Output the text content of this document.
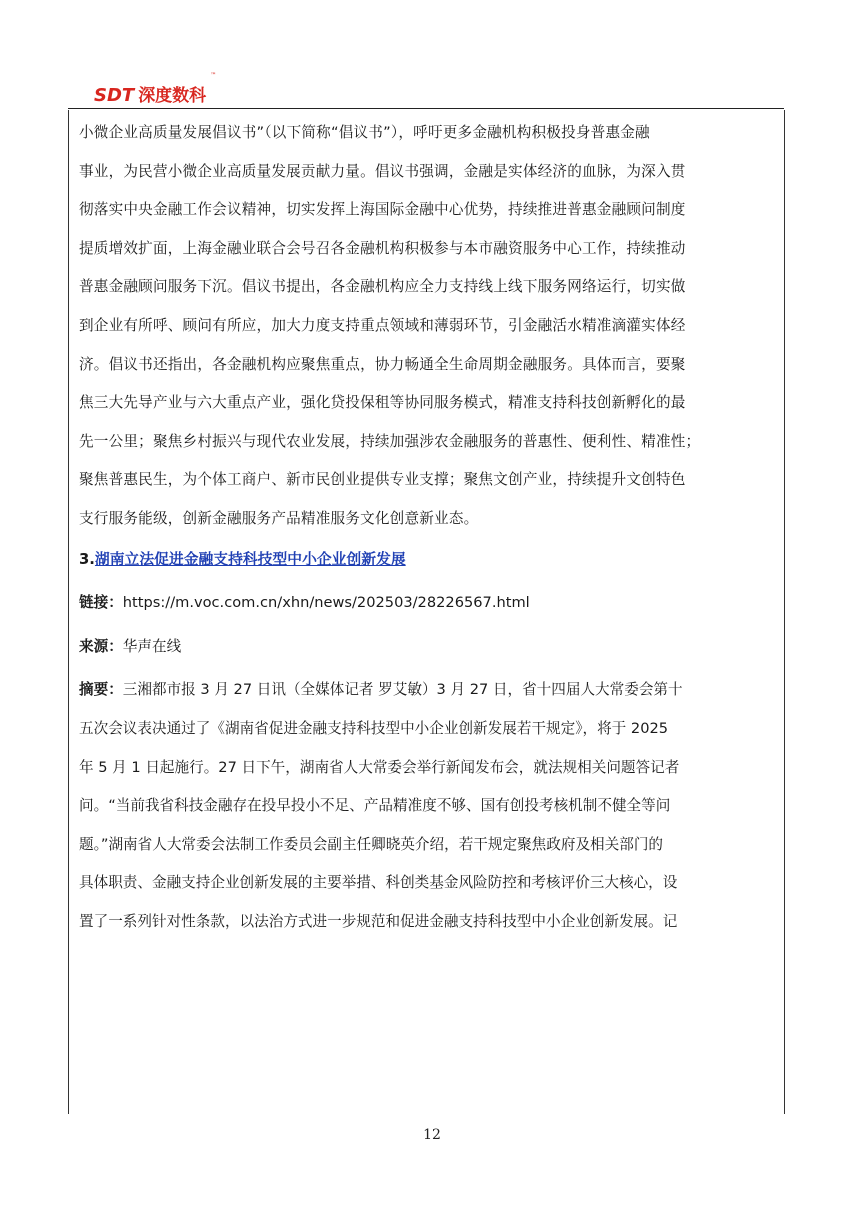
SDT 深度数科
™

小微企业高质量发展倡议书”（以下简称“倡议书”），呼吁更多金融机构积极投身普惠金融

事业，为民营小微企业高质量发展贡献力量。倡议书强调，金融是实体经济的血脉，为深入贯

彻落实中央金融工作会议精神，切实发挥上海国际金融中心优势，持续推进普惠金融顾问制度

提质增效扩面，上海金融业联合会号召各金融机构积极参与本市融资服务中心工作，持续推动

普惠金融顾问服务下沉。倡议书提出，各金融机构应全力支持线上线下服务网络运行，切实做

到企业有所呼、顾问有所应，加大力度支持重点领域和薄弱环节，引金融活水精准滴灌实体经

济。倡议书还指出，各金融机构应聚焦重点，协力畅通全生命周期金融服务。具体而言，要聚

焦三大先导产业与六大重点产业，强化贷投保租等协同服务模式，精准支持科技创新孵化的最

先一公里；聚焦乡村振兴与现代农业发展，持续加强涉农金融服务的普惠性、便利性、精准性；

聚焦普惠民生，为个体工商户、新市民创业提供专业支撑；聚焦文创产业，持续提升文创特色

支行服务能级，创新金融服务产品精准服务文化创意新业态。

3.湖南立法促进金融支持科技型中小企业创新发展
链接：https://m.voc.com.cn/xhn/news/202503/28226567.html
来源：华声在线

摘要：三湘都市报 3 月 27 日讯（全媒体记者 罗艾敏）3 月 27 日，省十四届人大常委会第十

五次会议表决通过了《湖南省促进金融支持科技型中小企业创新发展若干规定》，将于 2025

年 5 月 1 日起施行。27 日下午，湖南省人大常委会举行新闻发布会，就法规相关问题答记者

问。“当前我省科技金融存在投早投小不足、产品精准度不够、国有创投考核机制不健全等问

题。”湖南省人大常委会法制工作委员会副主任卿晓英介绍，若干规定聚焦政府及相关部门的

具体职责、金融支持企业创新发展的主要举措、科创类基金风险防控和考核评价三大核心，设

置了一系列针对性条款，以法治方式进一步规范和促进金融支持科技型中小企业创新发展。记

12
